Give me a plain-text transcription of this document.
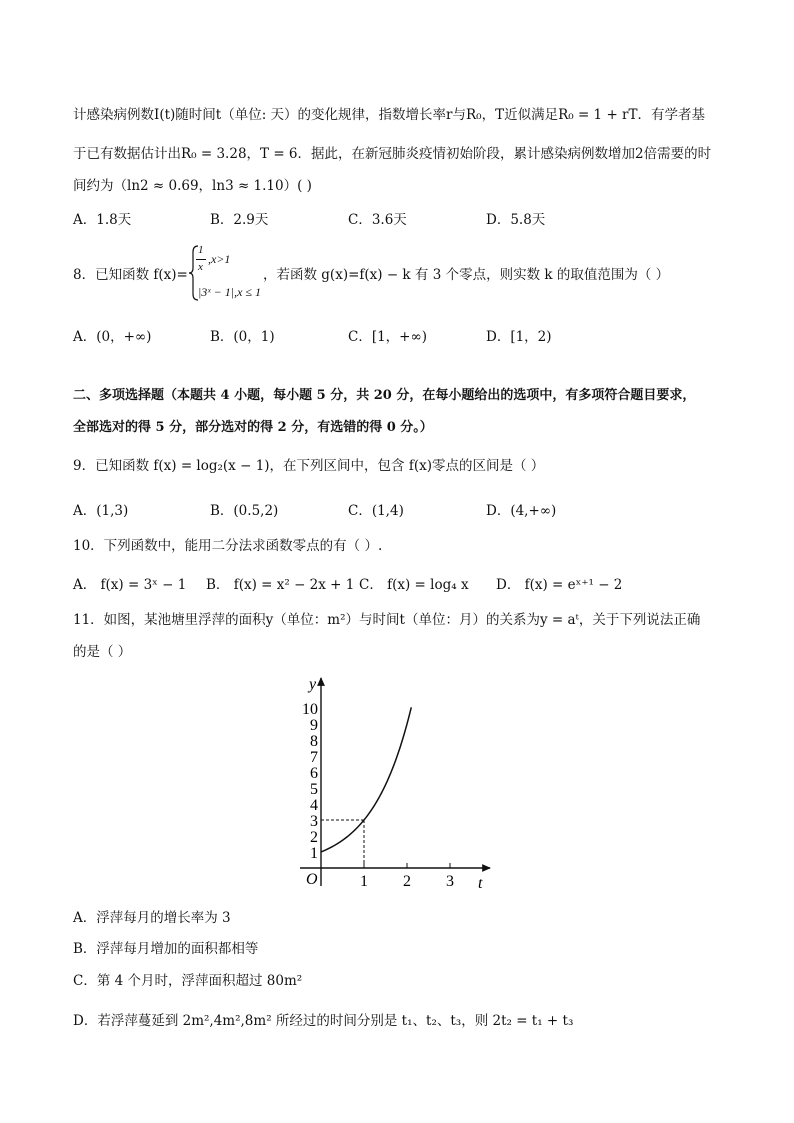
计感染病例数I(t)随时间t（单位: 天）的变化规律，指数增长率r与R₀，T近似满足R₀ = 1 + rT．有学者基
于已有数据估计出R₀ = 3.28，T = 6．据此，在新冠肺炎疫情初始阶段，累计感染病例数增加2倍需要的时
间约为（ln2 ≈ 0.69，ln3 ≈ 1.10）( )
A．1.8天	B．2.9天	C．3.6天	D．5.8天
8．已知函数 f(x)=
1
x
,x>1
|3ˣ − 1|,x ≤ 1
，若函数 g(x)=f(x) − k 有 3 个零点，则实数 k 的取值范围为（ ）
A．(0，+∞)	B．(0，1)	C．[1，+∞)	D．[1，2)
二、多项选择题（本题共 4 小题，每小题 5 分，共 20 分，在每小题给出的选项中，有多项符合题目要求，
全部选对的得 5 分，部分选对的得 2 分，有选错的得 0 分。）
9．已知函数 f(x) = log₂(x − 1)，在下列区间中，包含 f(x)零点的区间是（ ）
A．(1,3)	B．(0.5,2)	C．(1,4)	D．(4,+∞)
10．下列函数中，能用二分法求函数零点的有（ ）.
A． f(x) = 3ˣ − 1 B． f(x) = x² − 2x + 1 C． f(x) = log₄ x D． f(x) = eˣ⁺¹ − 2
11．如图，某池塘里浮萍的面积y（单位：m²）与时间t（单位：月）的关系为y = aᵗ，关于下列说法正确
的是（ ）
1
2
3
4
5
6
7
8
9
10
1 2 3
y
t
O
A．浮萍每月的增长率为 3
B．浮萍每月增加的面积都相等
C．第 4 个月时，浮萍面积超过 80m²
D．若浮萍蔓延到 2m²,4m²,8m² 所经过的时间分别是 t₁、t₂、t₃，则 2t₂ = t₁ + t₃
